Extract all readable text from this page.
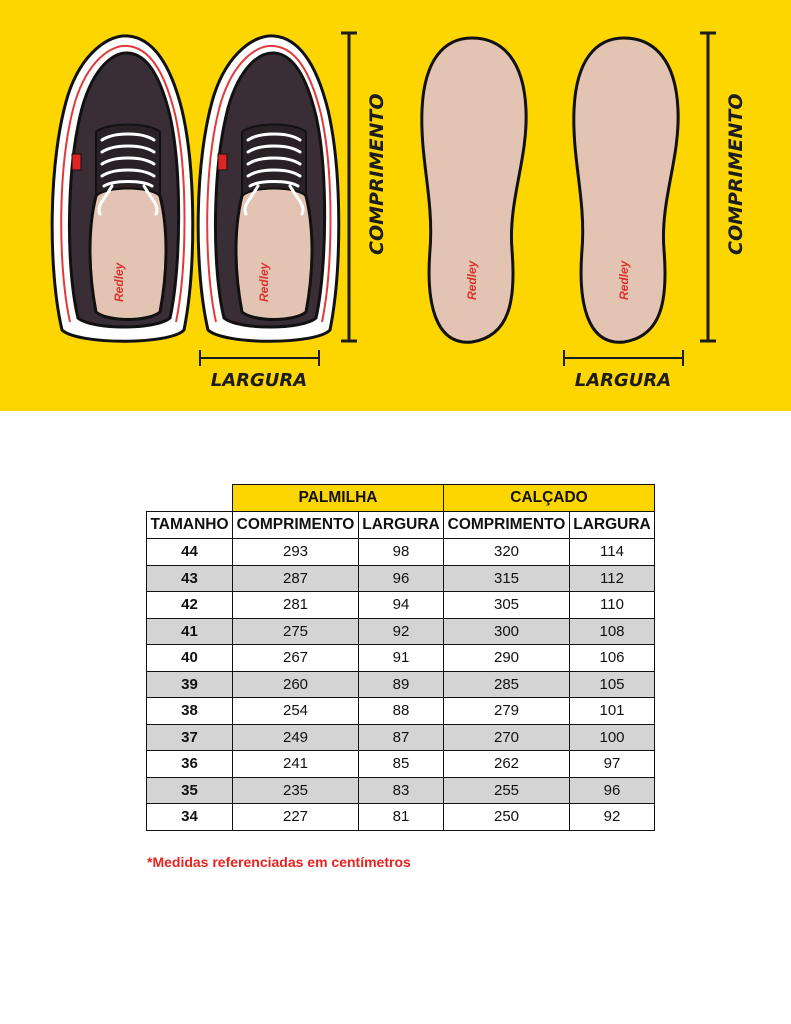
Redley	Redley	Redley	Redley
COMPRIMENTO	COMPRIMENTO
LARGURA	LARGURA
	PALMILHA		CALÇADO	
TAMANHO	COMPRIMENTO	LARGURA	COMPRIMENTO	LARGURA
44	293	98	320	114
43	287	96	315	112
42	281	94	305	110
41	275	92	300	108
40	267	91	290	106
39	260	89	285	105
38	254	88	279	101
37	249	87	270	100
36	241	85	262	97
35	235	83	255	96
34	227	81	250	92
*Medidas referenciadas em centímetros
